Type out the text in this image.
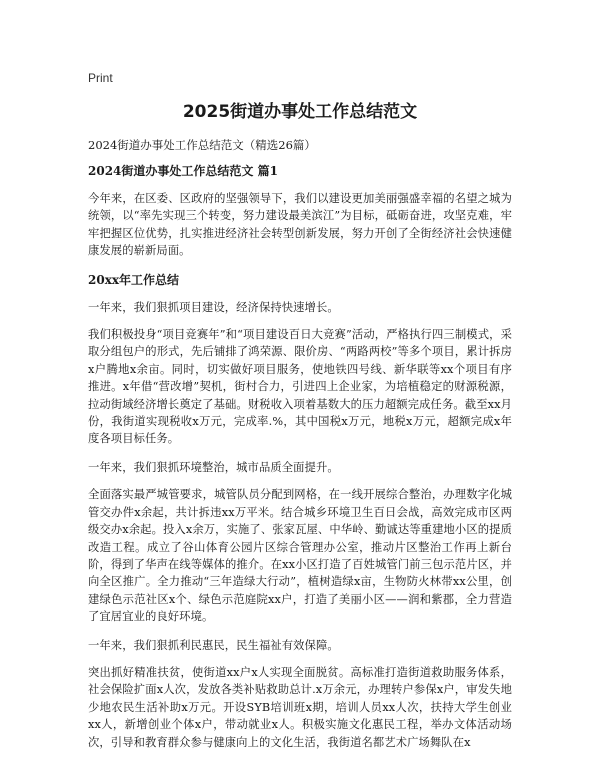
Print
2025街道办事处工作总结范文
2024街道办事处工作总结范文（精选26篇）
2024街道办事处工作总结范文 篇1

今年来，在区委、区政府的坚强领导下，我们以建设更加美丽强盛幸福的名望之城为统领，以“率先实现三个转变，努力建设最美滨江”为目标，砥砺奋进，攻坚克难，牢牢把握区位优势，扎实推进经济社会转型创新发展，努力开创了全街经济社会快速健康发展的崭新局面。

20xx年工作总结

一年来，我们狠抓项目建设，经济保持快速增长。

我们积极投身“项目竞赛年”和“项目建设百日大竞赛”活动，严格执行四三制模式，采取分组包户的形式，先后铺排了鸿荣源、限价房、“两路两校”等多个项目，累计拆房x户腾地x余亩。同时，切实做好项目服务，使地铁四号线、新华联等xx个项目有序推进。x年借“营改增”契机，街村合力，引进四上企业家，为培植稳定的财源税源，拉动街域经济增长奠定了基础。财税收入项着基数大的压力超额完成任务。截至xx月份，我街道实现税收x万元，完成率.%，其中国税x万元，地税x万元，超额完成x年度各项目标任务。

一年来，我们狠抓环境整治，城市品质全面提升。

全面落实最严城管要求，城管队员分配到网格，在一线开展综合整治，办理数字化城管交办件x余起，共计拆违xx万平米。结合城乡环境卫生百日会战，高效完成市区两级交办x余起。投入x余万，实施了、张家瓦屋、中华岭、勤诚达等重建地小区的提质改造工程。成立了谷山体育公园片区综合管理办公室，推动片区整治工作再上新台阶，得到了华声在线等媒体的推介。在xx小区打造了百姓城管门前三包示范片区，并向全区推广。全力推动“三年造绿大行动”，植树造绿x亩，生物防火林带xx公里，创建绿色示范社区x个、绿色示范庭院xx户，打造了美丽小区——润和紫郡，全力营造了宜居宜业的良好环境。

一年来，我们狠抓利民惠民，民生福祉有效保障。

突出抓好精准扶贫，使街道xx户x人实现全面脱贫。高标准打造街道救助服务体系，社会保险扩面x人次，发放各类补贴救助总计.x万余元，办理转户参保x户，审发失地少地农民生活补助x万元。开设SYB培训班x期，培训人员xx人次，扶持大学生创业xx人，新增创业个体x户，带动就业x人。积极实施文化惠民工程，举办文体活动场次，引导和教育群众参与健康向上的文化生活，我街道名都艺术广场舞队在x
